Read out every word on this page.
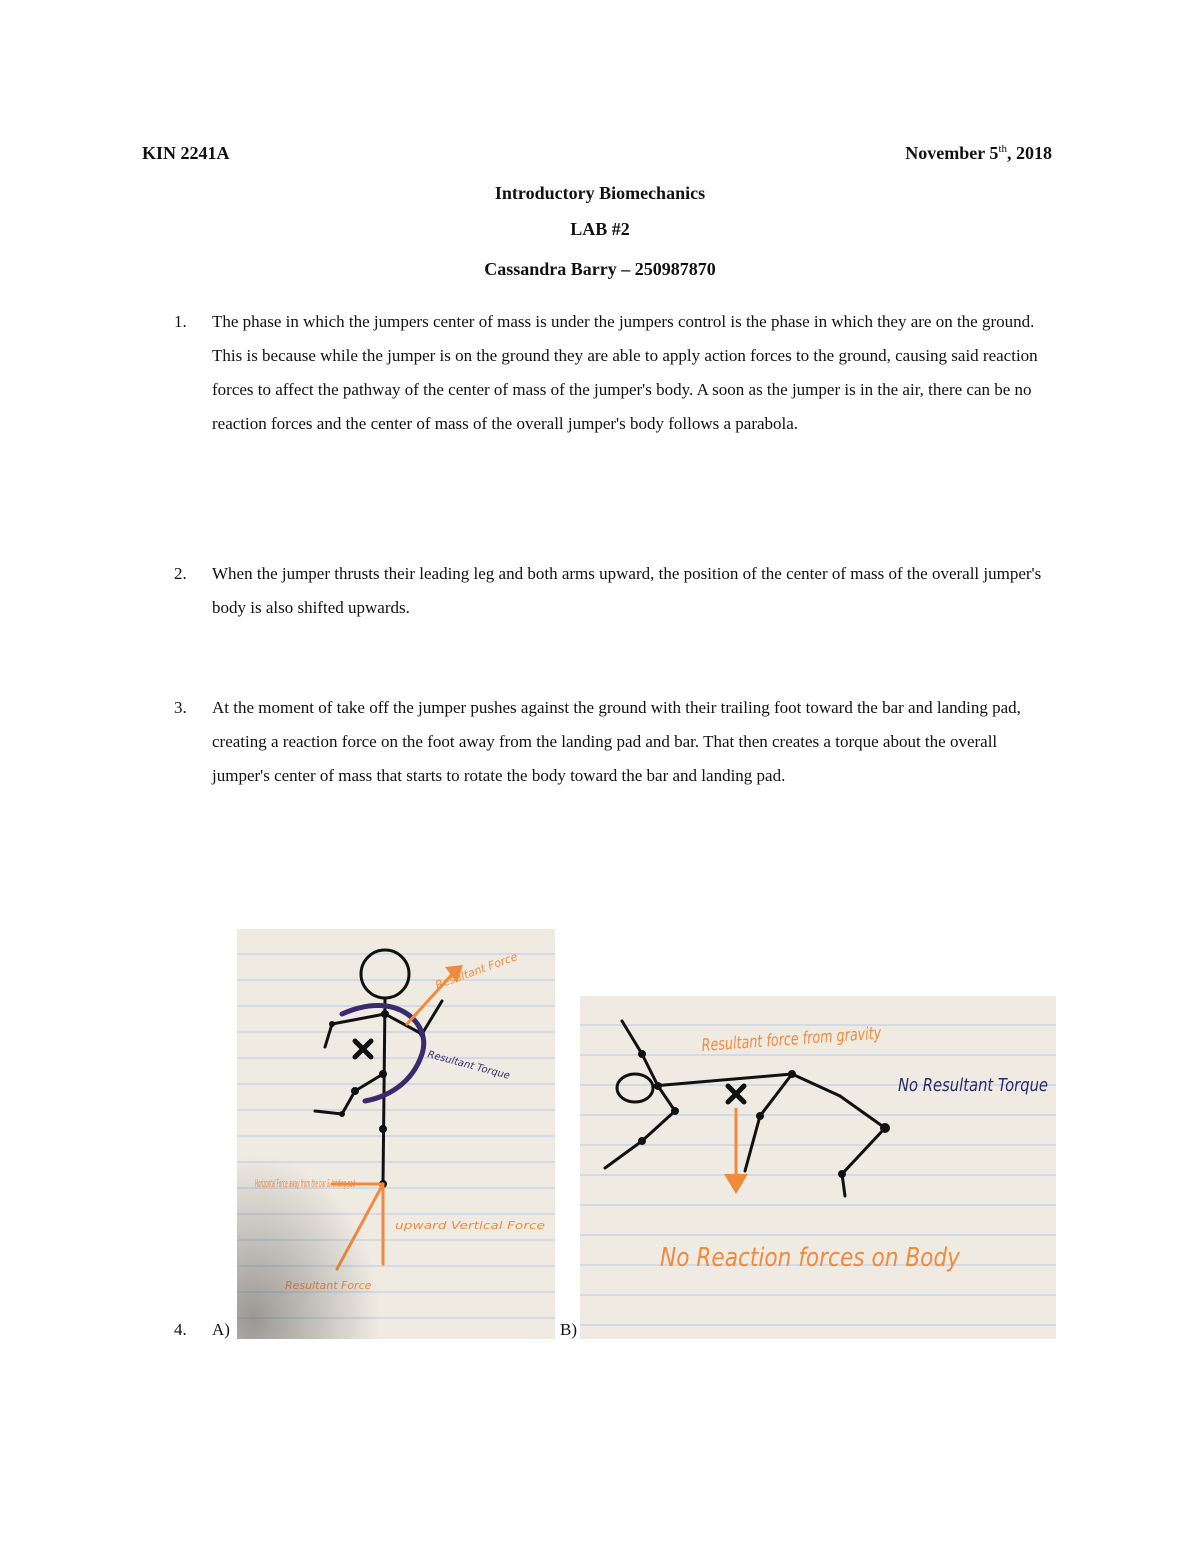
KIN 2241A	November 5th, 2018
Introductory Biomechanics
LAB #2
Cassandra Barry – 250987870
1. The phase in which the jumpers center of mass is under the jumpers control is the phase in which they are on the ground. This is because while the jumper is on the ground they are able to apply action forces to the ground, causing said reaction forces to affect the pathway of the center of mass of the jumper's body. A soon as the jumper is in the air, there can be no reaction forces and the center of mass of the overall jumper's body follows a parabola.
2. When the jumper thrusts their leading leg and both arms upward, the position of the center of mass of the overall jumper's body is also shifted upwards.
3. At the moment of take off the jumper pushes against the ground with their trailing foot toward the bar and landing pad, creating a reaction force on the foot away from the landing pad and bar. That then creates a torque about the overall jumper's center of mass that starts to rotate the body toward the bar and landing pad.
Resultant force from gravity
No Resultant Torque
No Reaction forces on Body
4. A)	B)
